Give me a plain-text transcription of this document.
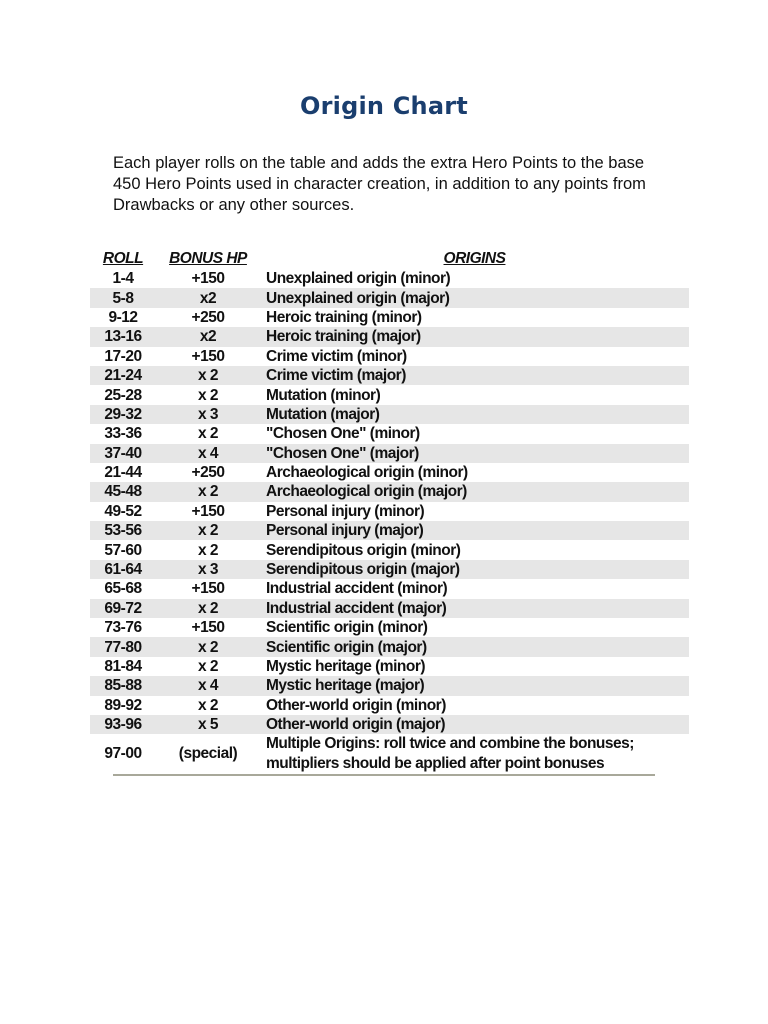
Origin Chart
Each player rolls on the table and adds the extra Hero Points to the base 450 Hero Points used in character creation, in addition to any points from Drawbacks or any other sources.
ROLL	BONUS HP	ORIGINS
1-4	+150	Unexplained origin (minor)
5-8	x2	Unexplained origin (major)
9-12	+250	Heroic training (minor)
13-16	x2	Heroic training (major)
17-20	+150	Crime victim (minor)
21-24	x 2	Crime victim (major)
25-28	x 2	Mutation (minor)
29-32	x 3	Mutation (major)
33-36	x 2	"Chosen One" (minor)
37-40	x 4	"Chosen One" (major)
21-44	+250	Archaeological origin (minor)
45-48	x 2	Archaeological origin (major)
49-52	+150	Personal injury (minor)
53-56	x 2	Personal injury (major)
57-60	x 2	Serendipitous origin (minor)
61-64	x 3	Serendipitous origin (major)
65-68	+150	Industrial accident (minor)
69-72	x 2	Industrial accident (major)
73-76	+150	Scientific origin (minor)
77-80	x 2	Scientific origin (major)
81-84	x 2	Mystic heritage (minor)
85-88	x 4	Mystic heritage (major)
89-92	x 2	Other-world origin (minor)
93-96	x 5	Other-world origin (major)
97-00	(special)	Multiple Origins: roll twice and combine the bonuses;
multipliers should be applied after point bonuses
